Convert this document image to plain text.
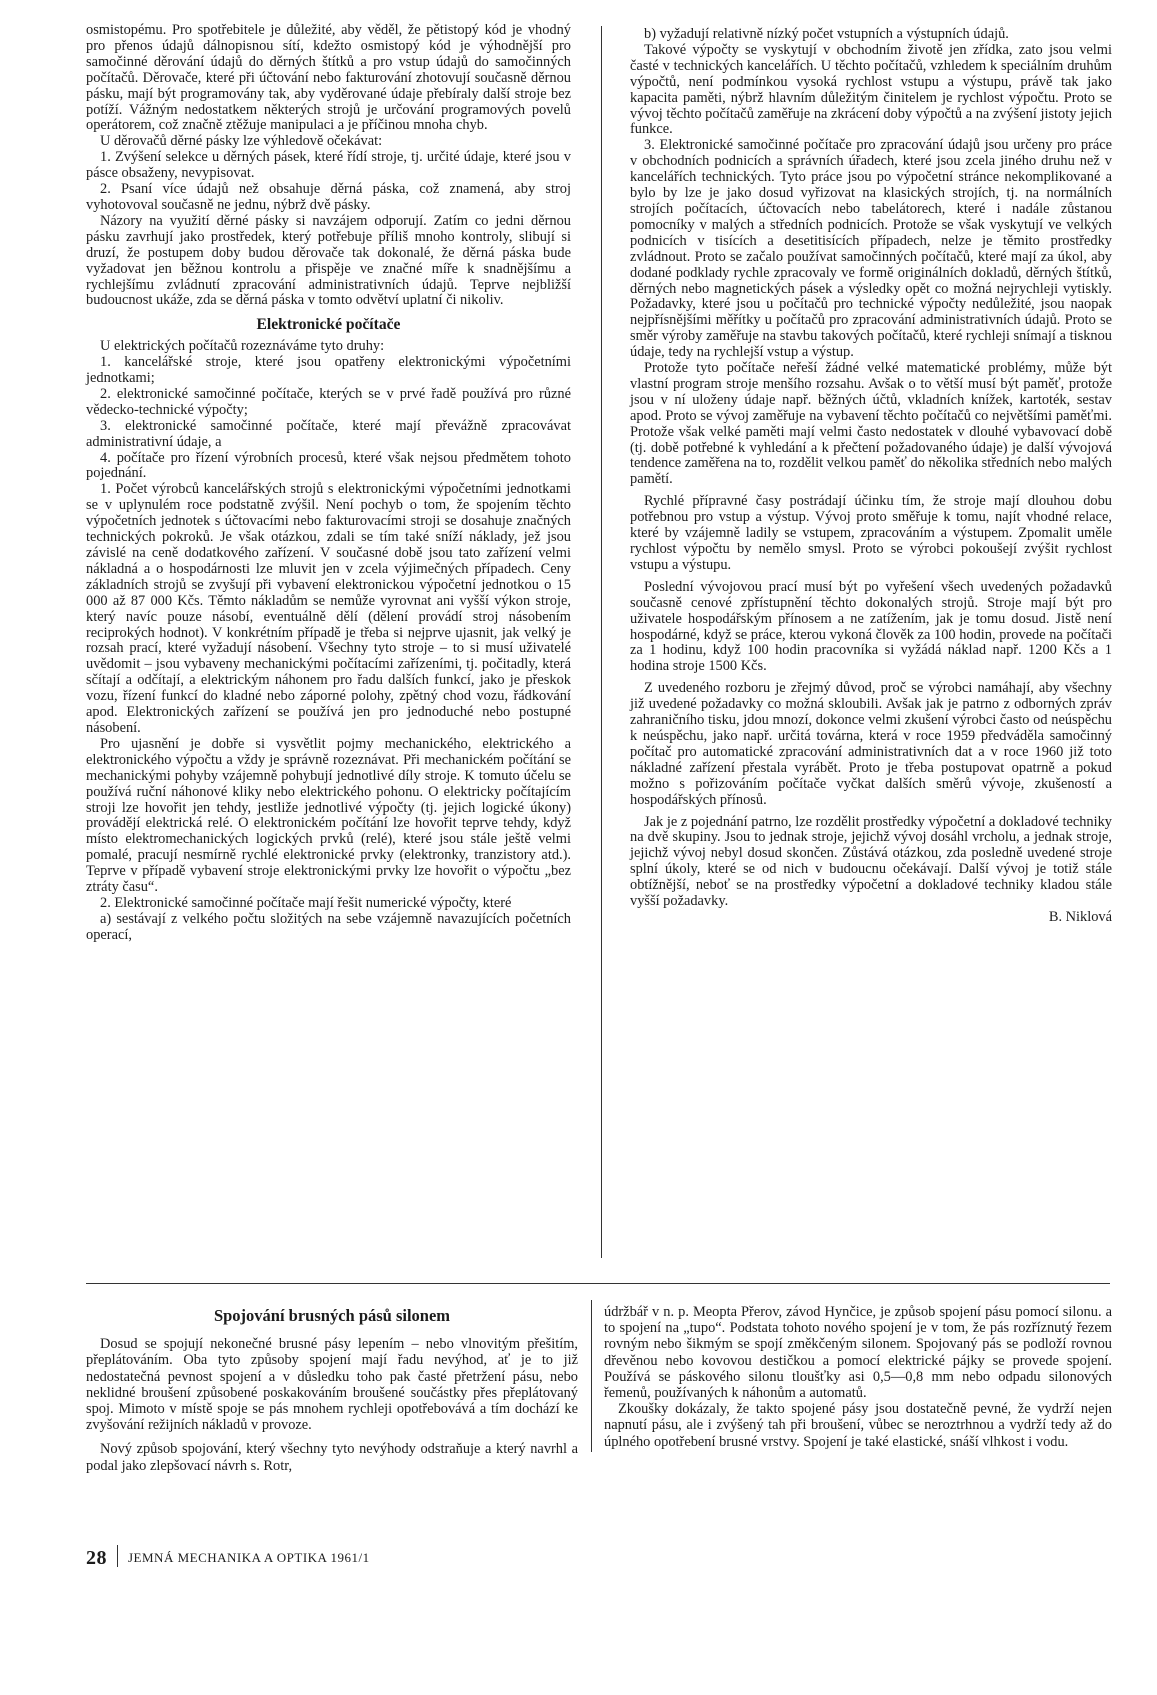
osmistopému. Pro spotřebitele je důležité, aby věděl, že pětistopý kód je vhodný pro přenos údajů dálnopisnou sítí, kdežto osmistopý kód je výhodnější pro samočinné děrování údajů do děrných štítků a pro vstup údajů do samočinných počítačů. Děrovače, které při účtování nebo fakturování zhotovují současně děrnou pásku, mají být programovány tak, aby vyděrované údaje přebíraly další stroje bez potíží. Vážným nedostatkem některých strojů je určování programových povelů operátorem, což značně ztěžuje manipulaci a je příčinou mnoha chyb.

U děrovačů děrné pásky lze výhledově očekávat:

1. Zvýšení selekce u děrných pásek, které řídí stroje, tj. určité údaje, které jsou v pásce obsaženy, nevypisovat.

2. Psaní více údajů než obsahuje děrná páska, což znamená, aby stroj vyhotovoval současně ne jednu, nýbrž dvě pásky.

Názory na využití děrné pásky si navzájem odporují. Zatím co jedni děrnou pásku zavrhují jako prostředek, který potřebuje příliš mnoho kontroly, slibují si druzí, že postupem doby budou děrovače tak dokonalé, že děrná páska bude vyžadovat jen běžnou kontrolu a přispěje ve značné míře k snadnějšímu a rychlejšímu zvládnutí zpracování administrativních údajů. Teprve nejbližší budoucnost ukáže, zda se děrná páska v tomto odvětví uplatní či nikoliv.

Elektronické počítače

U elektrických počítačů rozeznáváme tyto druhy:

1. kancelářské stroje, které jsou opatřeny elektronickými výpočetními jednotkami;

2. elektronické samočinné počítače, kterých se v prvé řadě používá pro různé vědecko-technické výpočty;

3. elektronické samočinné počítače, které mají převážně zpracovávat administrativní údaje, a

4. počítače pro řízení výrobních procesů, které však nejsou předmětem tohoto pojednání.

1. Počet výrobců kancelářských strojů s elektronickými výpočetními jednotkami se v uplynulém roce podstatně zvýšil. Není pochyb o tom, že spojením těchto výpočetních jednotek s účtovacími nebo fakturovacími stroji se dosahuje značných technických pokroků. Je však otázkou, zdali se tím také sníží náklady, jež jsou závislé na ceně dodatkového zařízení. V současné době jsou tato zařízení velmi nákladná a o hospodárnosti lze mluvit jen v zcela výjimečných případech. Ceny základních strojů se zvyšují při vybavení elektronickou výpočetní jednotkou o 15 000 až 87 000 Kčs. Těmto nákladům se nemůže vyrovnat ani vyšší výkon stroje, který navíc pouze násobí, eventuálně dělí (dělení provádí stroj násobením reciprokých hodnot). V konkrétním případě je třeba si nejprve ujasnit, jak velký je rozsah prací, které vyžadují násobení. Všechny tyto stroje – to si musí uživatelé uvědomit – jsou vybaveny mechanickými počítacími zařízeními, tj. počitadly, která sčítají a odčítají, a elektrickým náhonem pro řadu dalších funkcí, jako je přeskok vozu, řízení funkcí do kladné nebo záporné polohy, zpětný chod vozu, řádkování apod. Elektronických zařízení se používá jen pro jednoduché nebo postupné násobení.

Pro ujasnění je dobře si vysvětlit pojmy mechanického, elektrického a elektronického výpočtu a vždy je správně rozeznávat. Při mechanickém počítání se mechanickými pohyby vzájemně pohybují jednotlivé díly stroje. K tomuto účelu se používá ruční náhonové kliky nebo elektrického pohonu. O elektricky počítajícím stroji lze hovořit jen tehdy, jestliže jednotlivé výpočty (tj. jejich logické úkony) provádějí elektrická relé. O elektronickém počítání lze hovořit teprve tehdy, když místo elektromechanických logických prvků (relé), které jsou stále ještě velmi pomalé, pracují nesmírně rychlé elektronické prvky (elektronky, tranzistory atd.). Teprve v případě vybavení stroje elektronickými prvky lze hovořit o výpočtu „bez ztráty času“.

2. Elektronické samočinné počítače mají řešit numerické výpočty, které

a) sestávají z velkého počtu složitých na sebe vzájemně navazujících početních operací,

b) vyžadují relativně nízký počet vstupních a výstupních údajů.

Takové výpočty se vyskytují v obchodním životě jen zřídka, zato jsou velmi časté v technických kancelářích. U těchto počítačů, vzhledem k speciálním druhům výpočtů, není podmínkou vysoká rychlost vstupu a výstupu, právě tak jako kapacita paměti, nýbrž hlavním důležitým činitelem je rychlost výpočtu. Proto se vývoj těchto počítačů zaměřuje na zkrácení doby výpočtů a na zvýšení jistoty jejich funkce.

3. Elektronické samočinné počítače pro zpracování údajů jsou určeny pro práce v obchodních podnicích a správních úřadech, které jsou zcela jiného druhu než v kancelářích technických. Tyto práce jsou po výpočetní stránce nekomplikované a bylo by lze je jako dosud vyřizovat na klasických strojích, tj. na normálních strojích počítacích, účtovacích nebo tabelátorech, které i nadále zůstanou pomocníky v malých a středních podnicích. Protože se však vyskytují ve velkých podnicích v tisících a desetitisících případech, nelze je těmito prostředky zvládnout. Proto se začalo používat samočinných počítačů, které mají za úkol, aby dodané podklady rychle zpracovaly ve formě originálních dokladů, děrných štítků, děrných nebo magnetických pásek a výsledky opět co možná nejrychleji vytiskly. Požadavky, které jsou u počítačů pro technické výpočty nedůležité, jsou naopak nejpřísnějšími měřítky u počítačů pro zpracování administrativních údajů. Proto se směr výroby zaměřuje na stavbu takových počítačů, které rychleji snímají a tisknou údaje, tedy na rychlejší vstup a výstup.

Protože tyto počítače neřeší žádné velké matematické problémy, může být vlastní program stroje menšího rozsahu. Avšak o to větší musí být paměť, protože jsou v ní uloženy údaje např. běžných účtů, vkladních knížek, kartoték, sestav apod. Proto se vývoj zaměřuje na vybavení těchto počítačů co největšími paměťmi. Protože však velké paměti mají velmi často nedostatek v dlouhé vybavovací době (tj. době potřebné k vyhledání a k přečtení požadovaného údaje) je další vývojová tendence zaměřena na to, rozdělit velkou paměť do několika středních nebo malých pamětí.

Rychlé přípravné časy postrádají účinku tím, že stroje mají dlouhou dobu potřebnou pro vstup a výstup. Vývoj proto směřuje k tomu, najít vhodné relace, které by vzájemně ladily se vstupem, zpracováním a výstupem. Zpomalit uměle rychlost výpočtu by nemělo smysl. Proto se výrobci pokoušejí zvýšit rychlost vstupu a výstupu.

Poslední vývojovou prací musí být po vyřešení všech uvedených požadavků současně cenové zpřístupnění těchto dokonalých strojů. Stroje mají být pro uživatele hospodářským přínosem a ne zatížením, jak je tomu dosud. Jistě není hospodárné, když se práce, kterou vykoná člověk za 100 hodin, provede na počítači za 1 hodinu, když 100 hodin pracovníka si vyžádá náklad např. 1200 Kčs a 1 hodina stroje 1500 Kčs.

Z uvedeného rozboru je zřejmý důvod, proč se výrobci namáhají, aby všechny již uvedené požadavky co možná skloubili. Avšak jak je patrno z odborných zpráv zahraničního tisku, jdou mnozí, dokonce velmi zkušení výrobci často od neúspěchu k neúspěchu, jako např. určitá továrna, která v roce 1959 předváděla samočinný počítač pro automatické zpracování administrativních dat a v roce 1960 již toto nákladné zařízení přestala vyrábět. Proto je třeba postupovat opatrně a pokud možno s pořizováním počítače vyčkat dalších směrů vývoje, zkušeností a hospodářských přínosů.

Jak je z pojednání patrno, lze rozdělit prostředky výpočetní a dokladové techniky na dvě skupiny. Jsou to jednak stroje, jejichž vývoj dosáhl vrcholu, a jednak stroje, jejichž vývoj nebyl dosud skončen. Zůstává otázkou, zda posledně uvedené stroje splní úkoly, které se od nich v budoucnu očekávají. Další vývoj je totiž stále obtížnější, neboť se na prostředky výpočetní a dokladové techniky kladou stále vyšší požadavky.

B. Niklová

Spojování brusných pásů silonem

Dosud se spojují nekonečné brusné pásy lepením – nebo vlnovitým přešitím, přeplátováním. Oba tyto způsoby spojení mají řadu nevýhod, ať je to již nedostatečná pevnost spojení a v důsledku toho pak časté přetržení pásu, nebo neklidné broušení způsobené poskakováním broušené součástky přes přeplátovaný spoj. Mimoto v místě spoje se pás mnohem rychleji opotřebovává a tím dochází ke zvyšování režijních nákladů v provoze.

Nový způsob spojování, který všechny tyto nevýhody odstraňuje a který navrhl a podal jako zlepšovací návrh s. Rotr,

údržbář v n. p. Meopta Přerov, závod Hynčice, je způsob spojení pásu pomocí silonu. a to spojení na „tupo“. Podstata tohoto nového spojení je v tom, že pás rozříznutý řezem rovným nebo šikmým se spojí změkčeným silonem. Spojovaný pás se podloží rovnou dřevěnou nebo kovovou destičkou a pomocí elektrické pájky se provede spojení. Používá se páskového silonu tloušťky asi 0,5—0,8 mm nebo odpadu silonových řemenů, používaných k náhonům a automatů.

Zkoušky dokázaly, že takto spojené pásy jsou dostatečně pevné, že vydrží nejen napnutí pásu, ale i zvýšený tah při broušení, vůbec se neroztrhnou a vydrží tedy až do úplného opotřebení brusné vrstvy. Spojení je také elastické, snáší vlhkost i vodu.

28 JEMNÁ MECHANIKA A OPTIKA 1961/1
